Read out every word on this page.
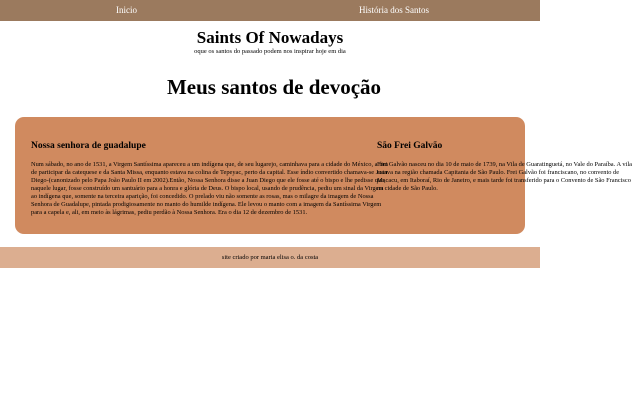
Inicio	História dos Santos
Saints Of Nowadays

oque os santos do passado podem nos inspirar hoje em dia

Meus santos de devoção
Nossa senhora de guadalupe

Num sábado, no ano de 1531, a Virgem Santíssima apareceu a um indígena que, de seu lugarejo, caminhava para a cidade do México, a fim de participar da catequese e da Santa Missa, enquanto estava na colina de Tepeyac, perto da capital. Esse índio convertido chamava-se Juan Diego-(canonizado pelo Papa João Paulo II em 2002).Então, Nossa Senhora disse a Juan Diego que ele fosse até o bispo e lhe pedisse que, naquele lugar, fosse construído um santuário para a honra e glória de Deus. O bispo local, usando de prudência, pediu um sinal da Virgem ao indígena que, somente na terceira aparição, foi concedido. O prelado viu não somente as rosas, mas o milagre da imagem de Nossa Senhora de Guadalupe, pintada prodigiosamente no manto do humilde indígena. Ele levou o manto com a imagem da Santíssima Virgem para a capela e, ali, em meio às lágrimas, pediu perdão à Nossa Senhora. Era o dia 12 de dezembro de 1531.

São Frei Galvão

Frei Galvão nasceu no dia 10 de maio de 1739, na Vila de Guaratinguetá, no Vale do Paraíba. A vila estava na região chamada Capitania de São Paulo. Frei Galvão foi franciscano, no convento de Macacu, em Itaboraí, Rio de Janeiro, e mais tarde foi transferido para o Convento de São Francisco na cidade de São Paulo.

site criado por maria elisa o. da costa
